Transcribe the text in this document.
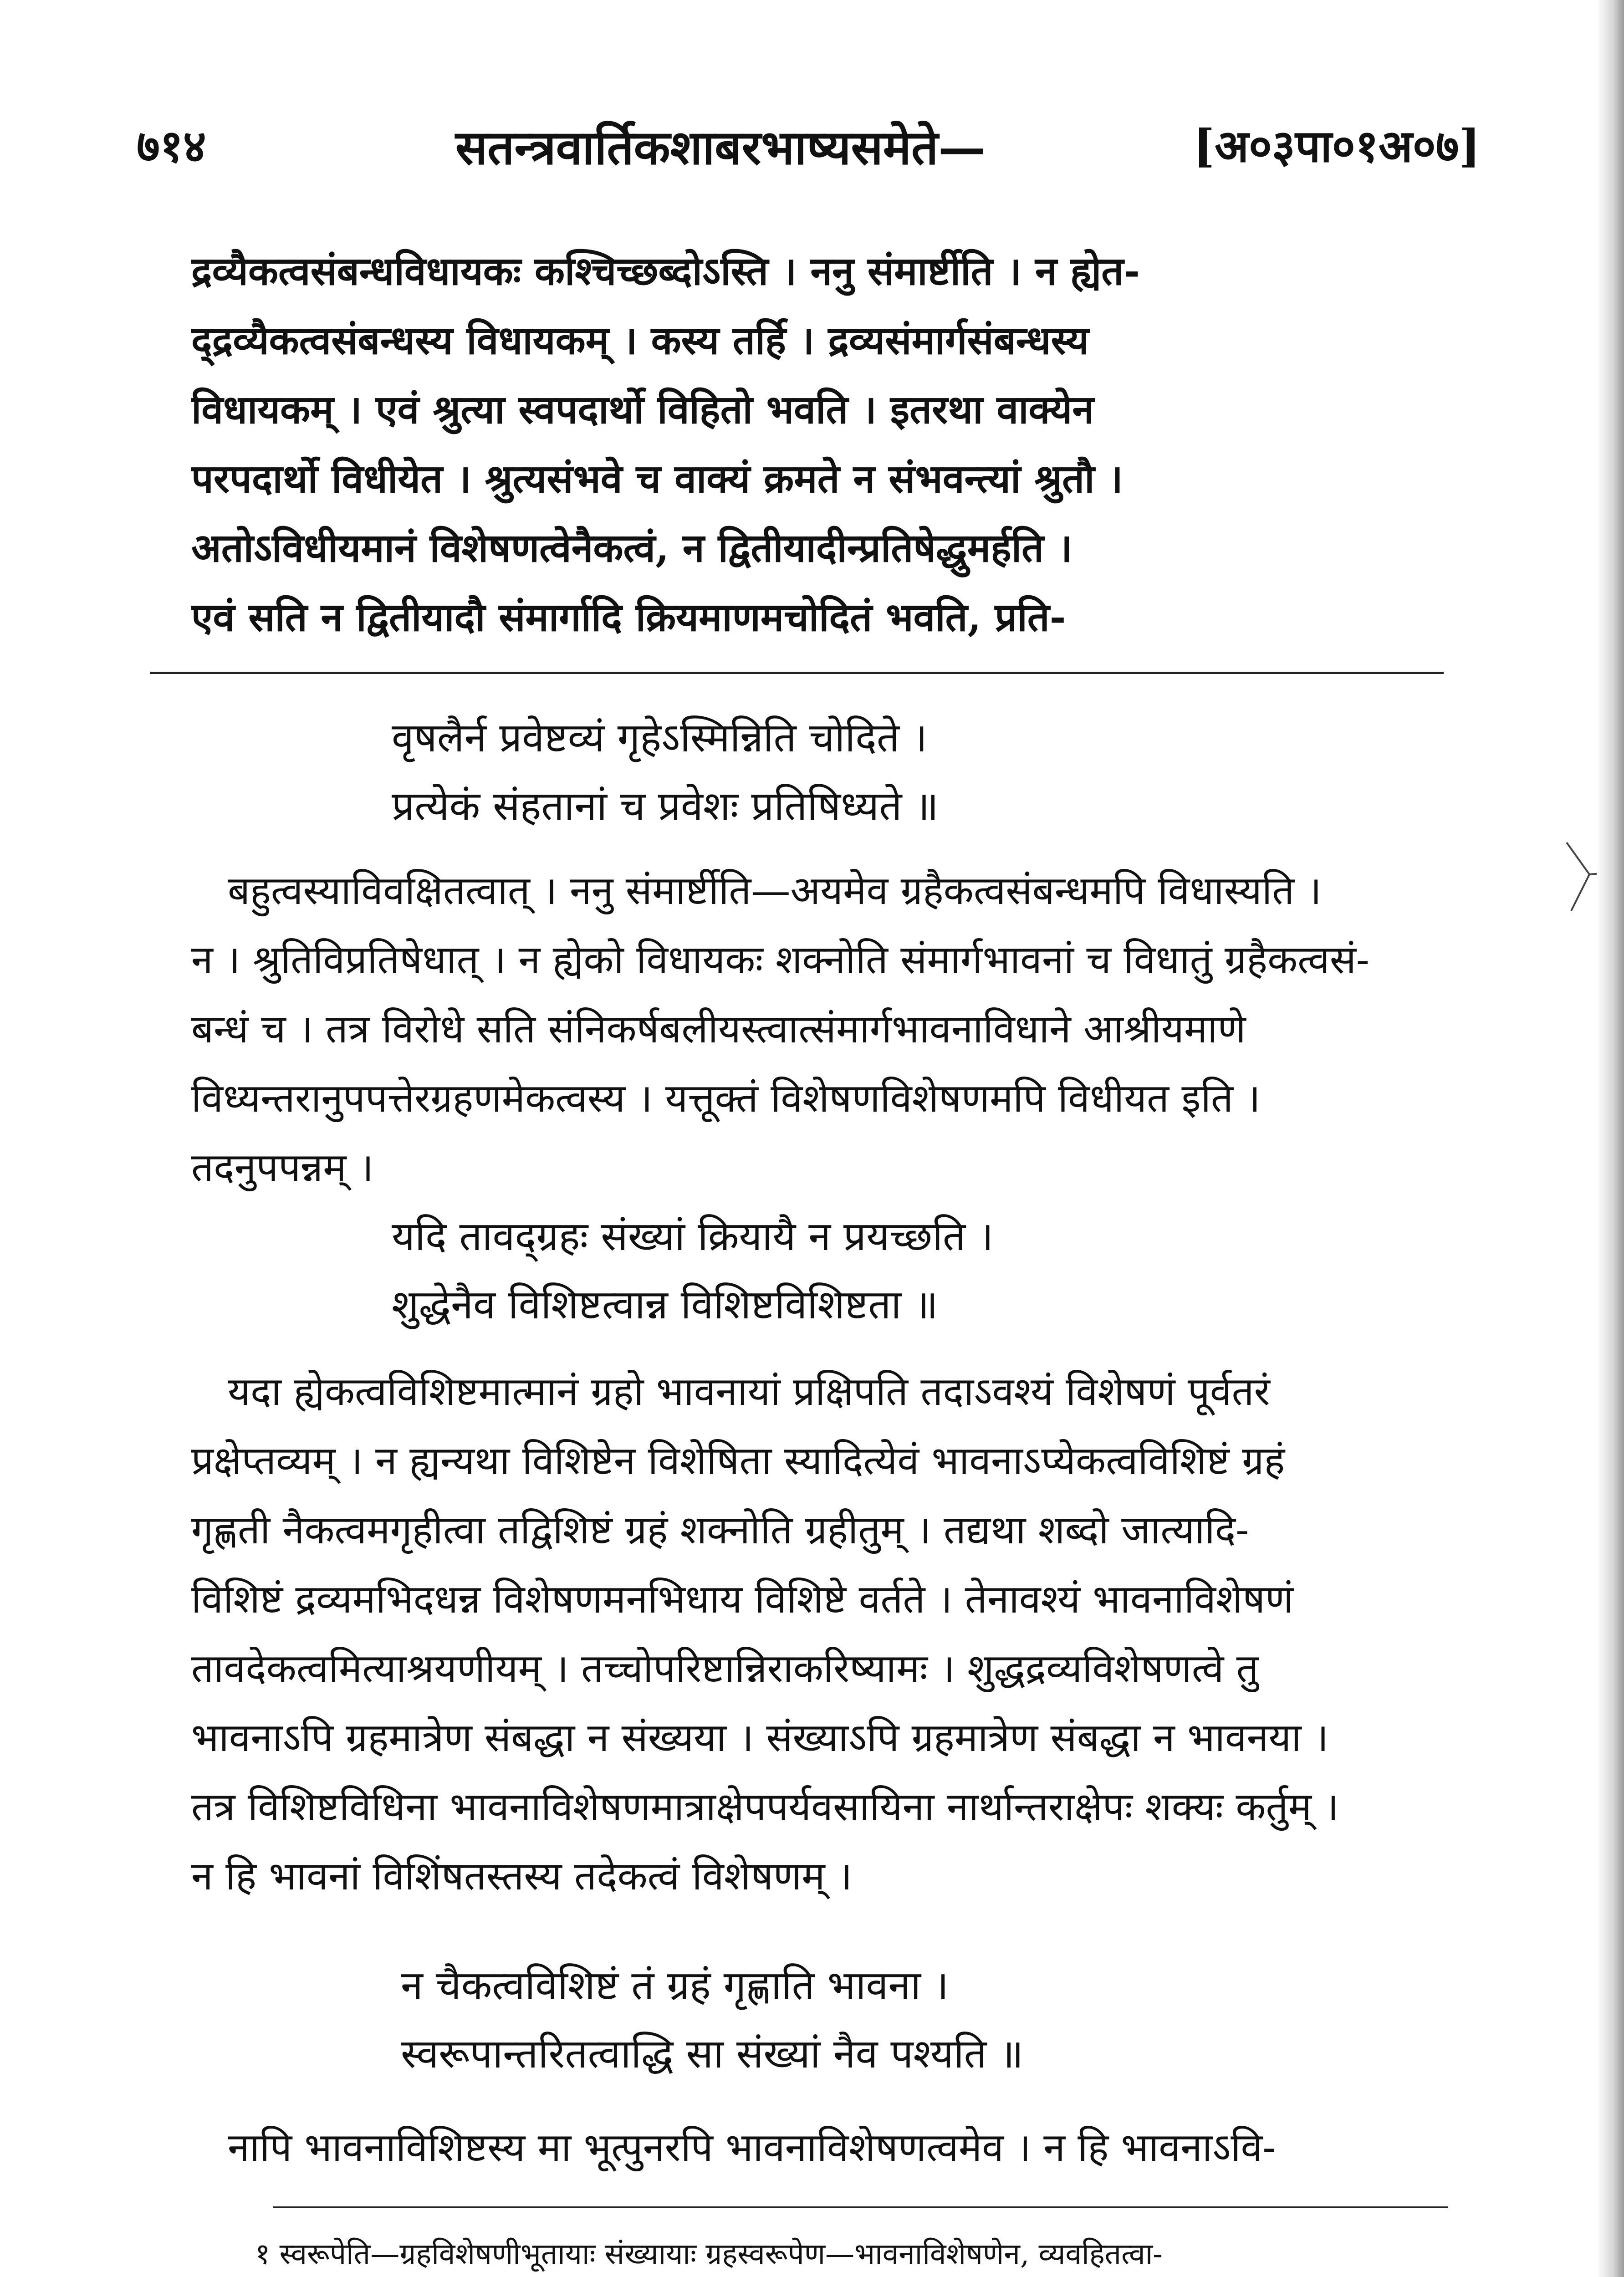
७१४	सतन्त्रवार्तिकशाबरभाष्यसमेते—	[अ०३पा०१अ०७]

द्रव्यैकत्वसंबन्धविधायकः कश्चिच्छब्दोऽस्ति । ननु संमार्ष्टीति । न ह्येत-

द्द्रव्यैकत्वसंबन्धस्य विधायकम् । कस्य तर्हि । द्रव्यसंमार्गसंबन्धस्य

विधायकम् । एवं श्रुत्या स्वपदार्थो विहितो भवति । इतरथा वाक्येन

परपदार्थो विधीयेत । श्रुत्यसंभवे च वाक्यं क्रमते न संभवन्त्यां श्रुतौ ।

अतोऽविधीयमानं विशेषणत्वेनैकत्वं, न द्वितीयादीन्प्रतिषेद्धुमर्हति ।

एवं सति न द्वितीयादौ संमार्गादि क्रियमाणमचोदितं भवति, प्रति-

वृषलैर्न प्रवेष्टव्यं गृहेऽस्मिन्निति चोदिते ।

प्रत्येकं संहतानां च प्रवेशः प्रतिषिध्यते ॥

बहुत्वस्याविवक्षितत्वात् । ननु संमार्ष्टीति—अयमेव ग्रहैकत्वसंबन्धमपि विधास्यति ।

न । श्रुतिविप्रतिषेधात् । न ह्येको विधायकः शक्नोति संमार्गभावनां च विधातुं ग्रहैकत्वसं-

बन्धं च । तत्र विरोधे सति संनिकर्षबलीयस्त्वात्संमार्गभावनाविधाने आश्रीयमाणे

विध्यन्तरानुपपत्तेरग्रहणमेकत्वस्य । यत्तूक्तं विशेषणविशेषणमपि विधीयत इति ।

तदनुपपन्नम् ।

यदि तावद्ग्रहः संख्यां क्रियायै न प्रयच्छति ।

शुद्धेनैव विशिष्टत्वान्न विशिष्टविशिष्टता ॥

यदा ह्येकत्वविशिष्टमात्मानं ग्रहो भावनायां प्रक्षिपति तदाऽवश्यं विशेषणं पूर्वतरं

प्रक्षेप्तव्यम् । न ह्यन्यथा विशिष्टेन विशेषिता स्यादित्येवं भावनाऽप्येकत्वविशिष्टं ग्रहं

गृह्णती नैकत्वमगृहीत्वा तद्विशिष्टं ग्रहं शक्नोति ग्रहीतुम् । तद्यथा शब्दो जात्यादि-

विशिष्टं द्रव्यमभिदधन्न विशेषणमनभिधाय विशिष्टे वर्तते । तेनावश्यं भावनाविशेषणं

तावदेकत्वमित्याश्रयणीयम् । तच्चोपरिष्टान्निराकरिष्यामः । शुद्धद्रव्यविशेषणत्वे तु

भावनाऽपि ग्रहमात्रेण संबद्धा न संख्यया । संख्याऽपि ग्रहमात्रेण संबद्धा न भावनया ।

तत्र विशिष्टविधिना भावनाविशेषणमात्राक्षेपपर्यवसायिना नार्थान्तराक्षेपः शक्यः कर्तुम् ।

न हि भावनां विशिंषतस्तस्य तदेकत्वं विशेषणम् ।

न चैकत्वविशिष्टं तं ग्रहं गृह्णाति भावना ।

स्वरूपान्तरितत्वाद्धि सा संख्यां नैव पश्यति ॥

नापि भावनाविशिष्टस्य मा भूत्पुनरपि भावनाविशेषणत्वमेव । न हि भावनाऽवि-

१ स्वरूपेति—ग्रहविशेषणीभूतायाः संख्यायाः ग्रहस्वरूपेण—भावनाविशेषणेन, व्यवहितत्वा-
